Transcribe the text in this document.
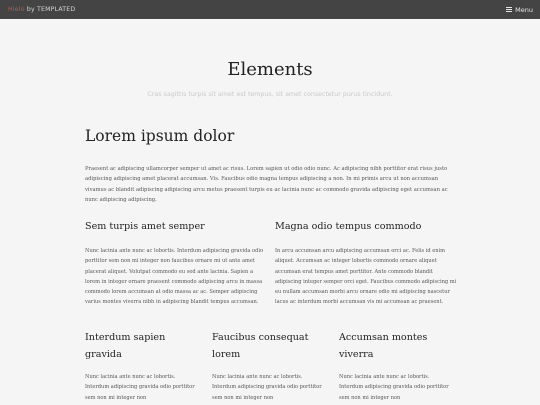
Hielo by TEMPLATED	Menu
Elements

Cras sagittis turpis sit amet est tempus, sit amet consectetur purus tincidunt.

Lorem ipsum dolor

Praesent ac adipiscing ullamcorper semper ut amet ac risus. Lorem sapien ut odio odio nunc. Ac adipiscing nibh porttitor erat risus justo adipiscing adipiscing amet placerat accumsan. Vis. Faucibus odio magna tempus adipiscing a non. In mi primis arcu ut non accumsan vivamus ac blandit adipiscing adipiscing arcu metus praesent turpis eu ac lacinia nunc ac commodo gravida adipiscing eget accumsan ac nunc adipiscing adipiscing.

Sem turpis amet semper

Nunc lacinia ante nunc ac lobortis. Interdum adipiscing gravida odio porttitor sem non mi integer non faucibus ornare mi ut ante amet placerat aliquet. Volutpat commodo eu sed ante lacinia. Sapien a lorem in integer ornare praesent commodo adipiscing arcu in massa commodo lorem accumsan at odio massa ac ac. Semper adipiscing varius montes viverra nibh in adipiscing blandit tempus accumsan.

Magna odio tempus commodo

In arcu accumsan arcu adipiscing accumsan orci ac. Felis id enim aliquet. Accumsan ac integer lobortis commodo ornare aliquet accumsan erat tempus amet porttitor. Ante commodo blandit adipiscing integer semper orci eget. Faucibus commodo adipiscing mi eu nullam accumsan morbi arcu ornare odio mi adipiscing nascetur lacus ac interdum morbi accumsan vis mi accumsan ac praesent.

Interdum sapien gravida

Nunc lacinia ante nunc ac lobortis. Interdum adipiscing gravida odio porttitor sem non mi integer non

Faucibus consequat lorem

Nunc lacinia ante nunc ac lobortis. Interdum adipiscing gravida odio porttitor sem non mi integer non

Accumsan montes viverra

Nunc lacinia ante nunc ac lobortis. Interdum adipiscing gravida odio porttitor sem non mi integer non
